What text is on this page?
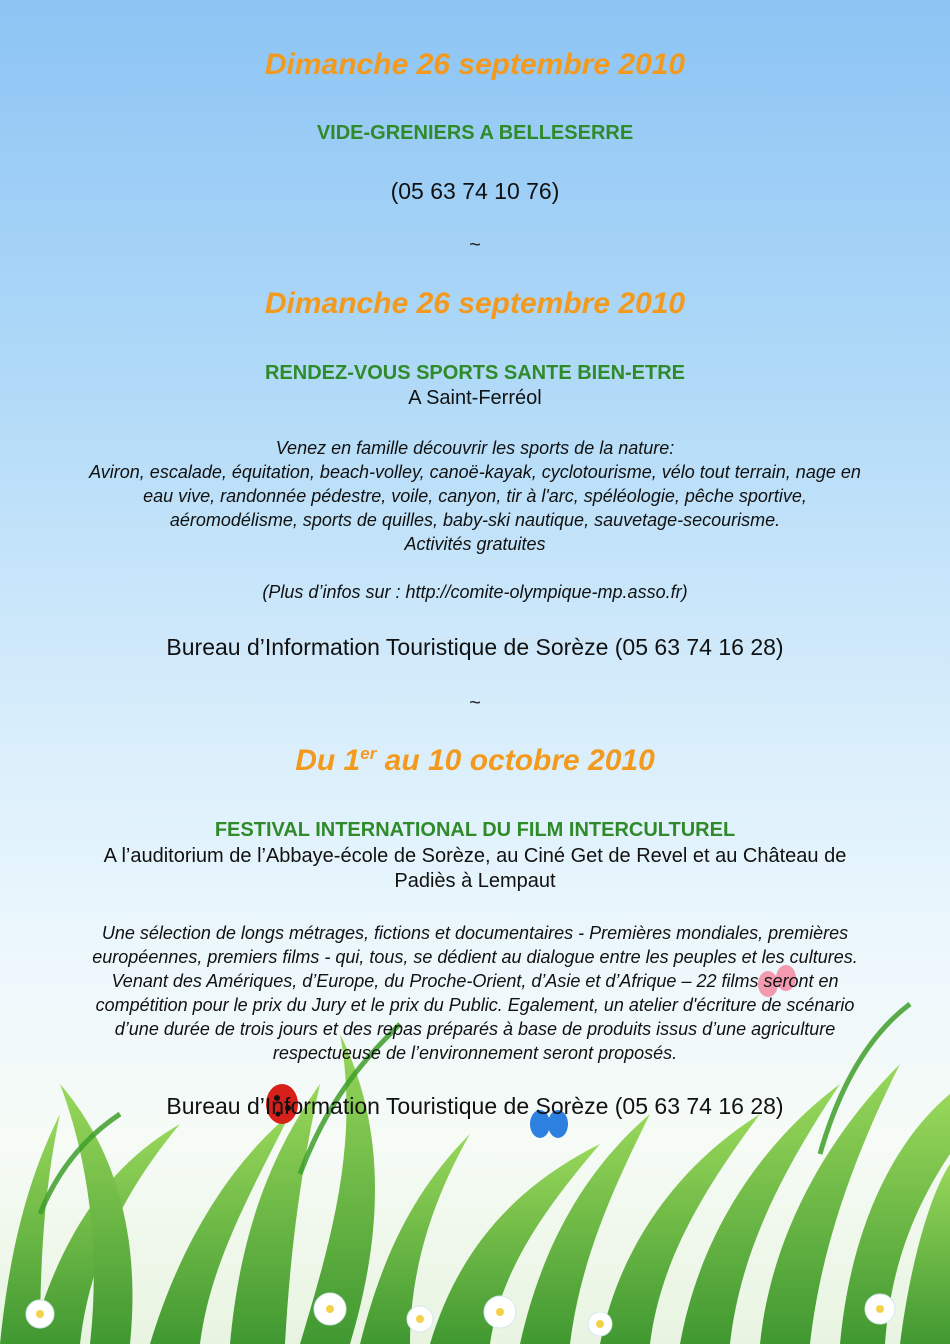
Dimanche 26 septembre 2010
VIDE-GRENIERS A BELLESERRE
(05 63 74 10 76)
~
Dimanche 26 septembre 2010
RENDEZ-VOUS SPORTS SANTE BIEN-ETRE
A Saint-Ferréol
Venez en famille découvrir les sports de la nature:
Aviron, escalade, équitation, beach-volley, canoë-kayak, cyclotourisme, vélo tout terrain, nage en
eau vive, randonnée pédestre, voile, canyon, tir à l'arc, spéléologie, pêche sportive,
aéromodélisme, sports de quilles, baby-ski nautique, sauvetage-secourisme.
Activités gratuites
(Plus d’infos sur : http://comite-olympique-mp.asso.fr)
Bureau d’Information Touristique de Sorèze (05 63 74 16 28)
~
Du 1er au 10 octobre 2010
FESTIVAL INTERNATIONAL DU FILM INTERCULTUREL
A l’auditorium de l’Abbaye-école de Sorèze, au Ciné Get de Revel et au Château de
Padiès à Lempaut
Une sélection de longs métrages, fictions et documentaires - Premières mondiales, premières
européennes, premiers films - qui, tous, se dédient au dialogue entre les peuples et les cultures.
Venant des Amériques, d’Europe, du Proche-Orient, d’Asie et d’Afrique – 22 films seront en
compétition pour le prix du Jury et le prix du Public. Egalement, un atelier d'écriture de scénario
d’une durée de trois jours et des repas préparés à base de produits issus d’une agriculture
respectueuse de l’environnement seront proposés.
Bureau d’Information Touristique de Sorèze (05 63 74 16 28)
